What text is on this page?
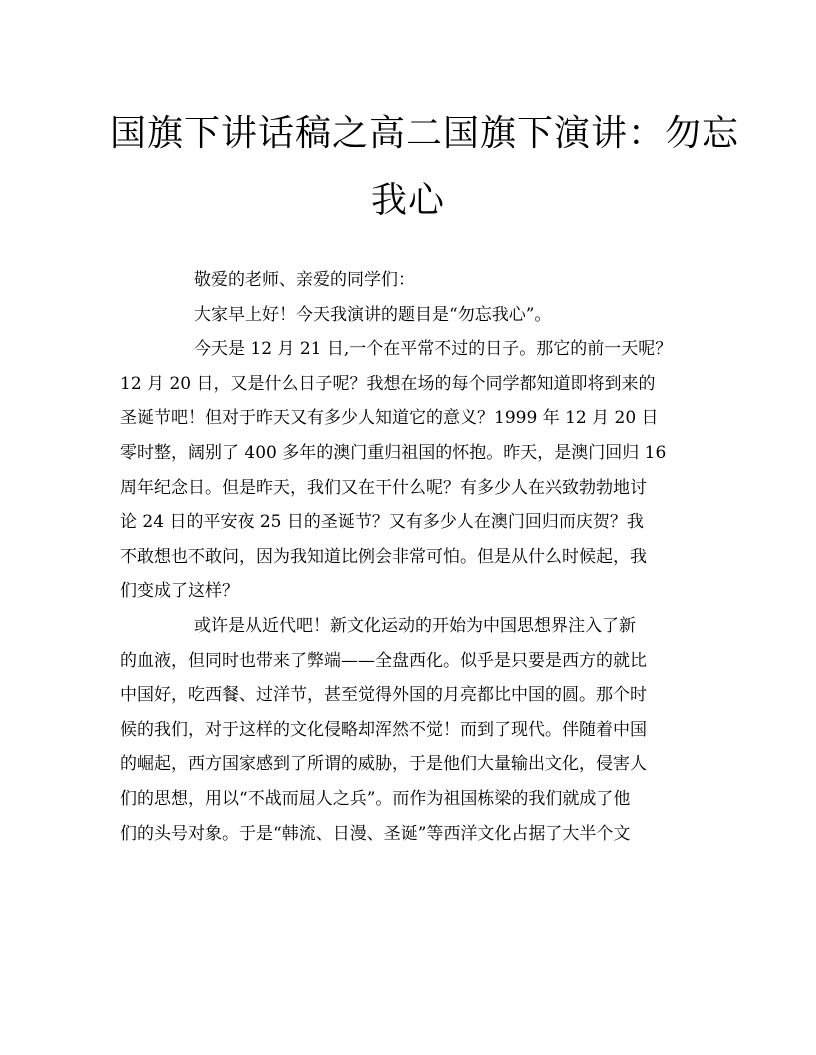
国旗下讲话稿之高二国旗下演讲：勿忘
我心
敬爱的老师、亲爱的同学们：
大家早上好！今天我演讲的题目是“勿忘我心”。
今天是 12 月 21 日,一个在平常不过的日子。那它的前一天呢？
12 月 20 日，又是什么日子呢？我想在场的每个同学都知道即将到来的
圣诞节吧！但对于昨天又有多少人知道它的意义？1999 年 12 月 20 日
零时整，阔别了 400 多年的澳门重归祖国的怀抱。昨天，是澳门回归 16
周年纪念日。但是昨天，我们又在干什么呢？有多少人在兴致勃勃地讨
论 24 日的平安夜 25 日的圣诞节？又有多少人在澳门回归而庆贺？我
不敢想也不敢问，因为我知道比例会非常可怕。但是从什么时候起，我
们变成了这样？
或许是从近代吧！新文化运动的开始为中国思想界注入了新
的血液，但同时也带来了弊端——全盘西化。似乎是只要是西方的就比
中国好，吃西餐、过洋节，甚至觉得外国的月亮都比中国的圆。那个时
候的我们，对于这样的文化侵略却浑然不觉！而到了现代。伴随着中国
的崛起，西方国家感到了所谓的威胁，于是他们大量输出文化，侵害人
们的思想，用以“不战而屈人之兵”。而作为祖国栋梁的我们就成了他
们的头号对象。于是“韩流、日漫、圣诞”等西洋文化占据了大半个文
